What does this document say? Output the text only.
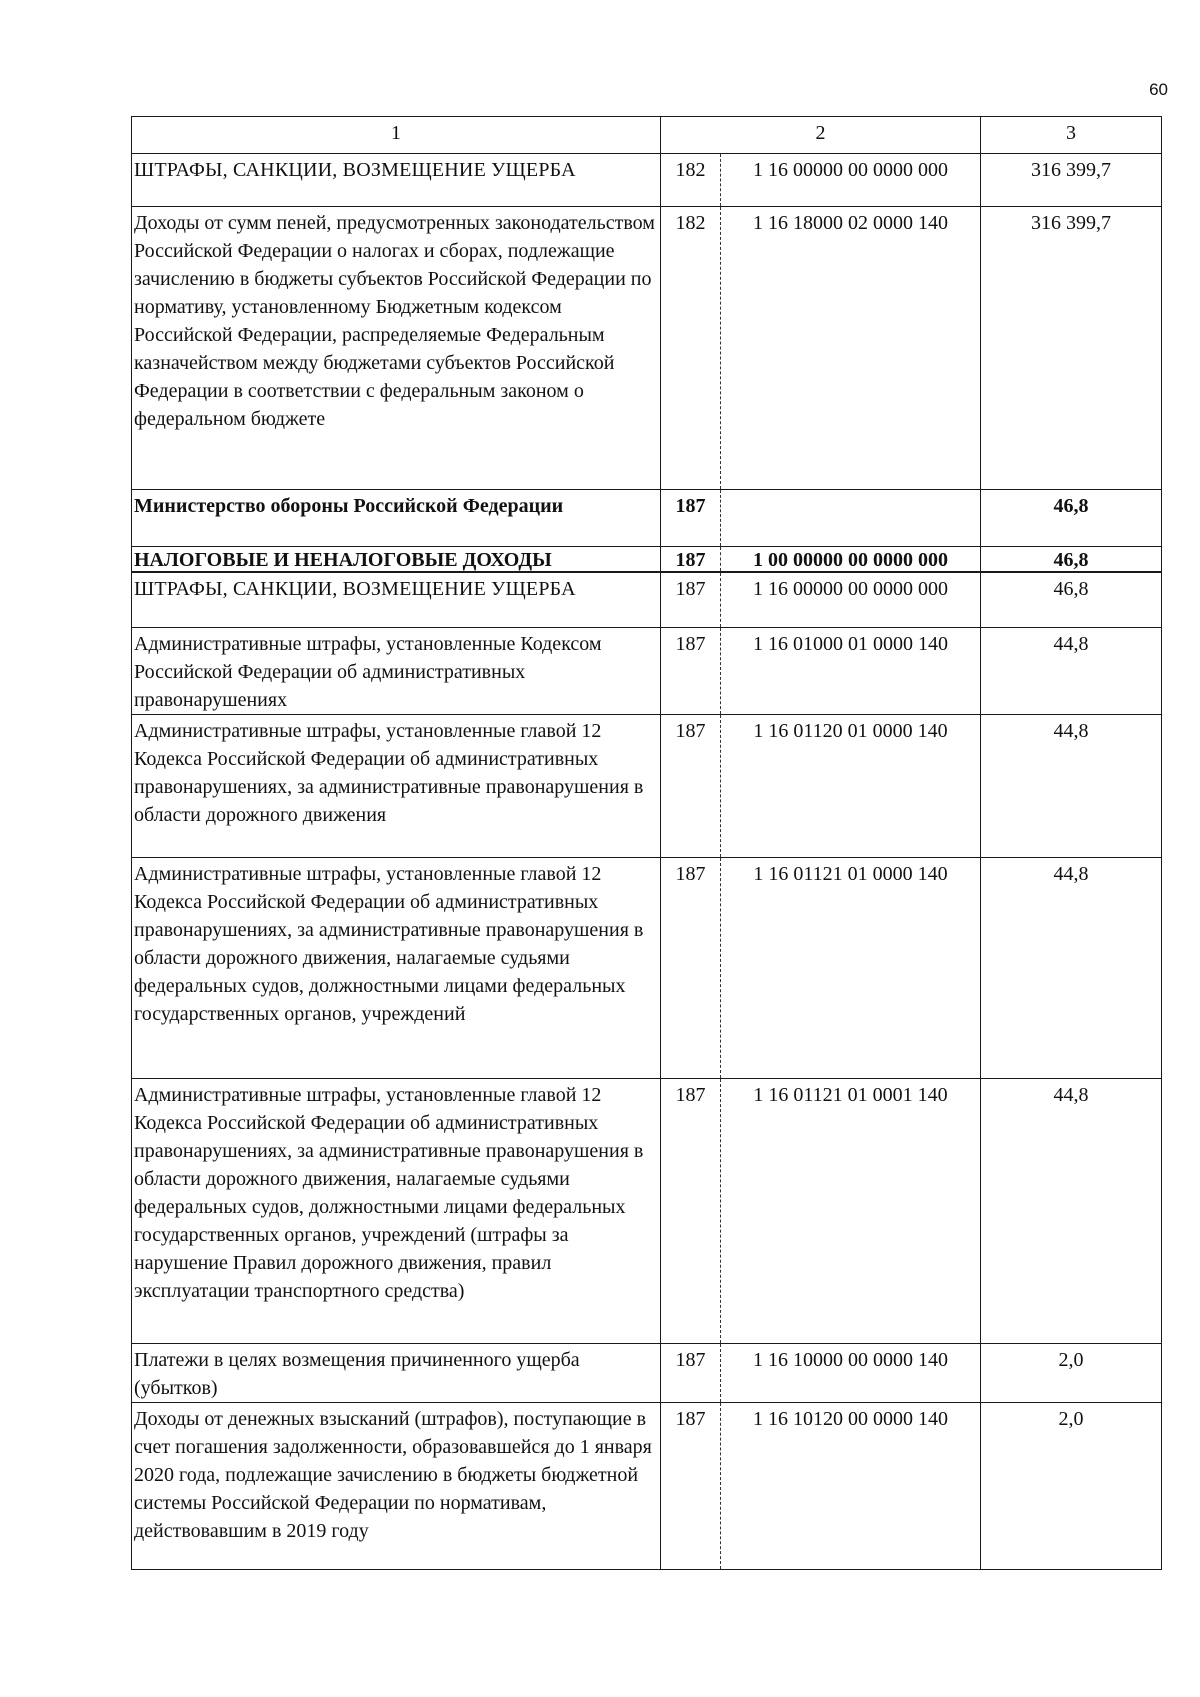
60
1	2		3
ШТРАФЫ, САНКЦИИ, ВОЗМЕЩЕНИЕ УЩЕРБА	182	1 16 00000 00 0000 000	316 399,7
Доходы от сумм пеней, предусмотренных законодательством Российской Федерации о налогах и сборах, подлежащие зачислению в бюджеты субъектов Российской Федерации по нормативу, установленному Бюджетным кодексом Российской Федерации, распределяемые Федеральным казначейством между бюджетами субъектов Российской Федерации в соответствии с федеральным законом о федеральном бюджете	182	1 16 18000 02 0000 140	316 399,7
Министерство обороны Российской Федерации	187		46,8
НАЛОГОВЫЕ И НЕНАЛОГОВЫЕ ДОХОДЫ	187	1 00 00000 00 0000 000	46,8
ШТРАФЫ, САНКЦИИ, ВОЗМЕЩЕНИЕ УЩЕРБА	187	1 16 00000 00 0000 000	46,8
Административные штрафы, установленные Кодексом Российской Федерации об административных правонарушениях	187	1 16 01000 01 0000 140	44,8
Административные штрафы, установленные главой 12 Кодекса Российской Федерации об административных правонарушениях, за административные правонарушения в области дорожного движения	187	1 16 01120 01 0000 140	44,8
Административные штрафы, установленные главой 12 Кодекса Российской Федерации об административных правонарушениях, за административные правонарушения в области дорожного движения, налагаемые судьями федеральных судов, должностными лицами федеральных государственных органов, учреждений	187	1 16 01121 01 0000 140	44,8
Административные штрафы, установленные главой 12 Кодекса Российской Федерации об административных правонарушениях, за административные правонарушения в области дорожного движения, налагаемые судьями федеральных судов, должностными лицами федеральных государственных органов, учреждений (штрафы за нарушение Правил дорожного движения, правил эксплуатации транспортного средства)	187	1 16 01121 01 0001 140	44,8
Платежи в целях возмещения причиненного ущерба (убытков)	187	1 16 10000 00 0000 140	2,0
Доходы от денежных взысканий (штрафов), поступающие в счет погашения задолженности, образовавшейся до 1 января 2020 года, подлежащие зачислению в бюджеты бюджетной системы Российской Федерации по нормативам, действовавшим в 2019 году	187	1 16 10120 00 0000 140	2,0
